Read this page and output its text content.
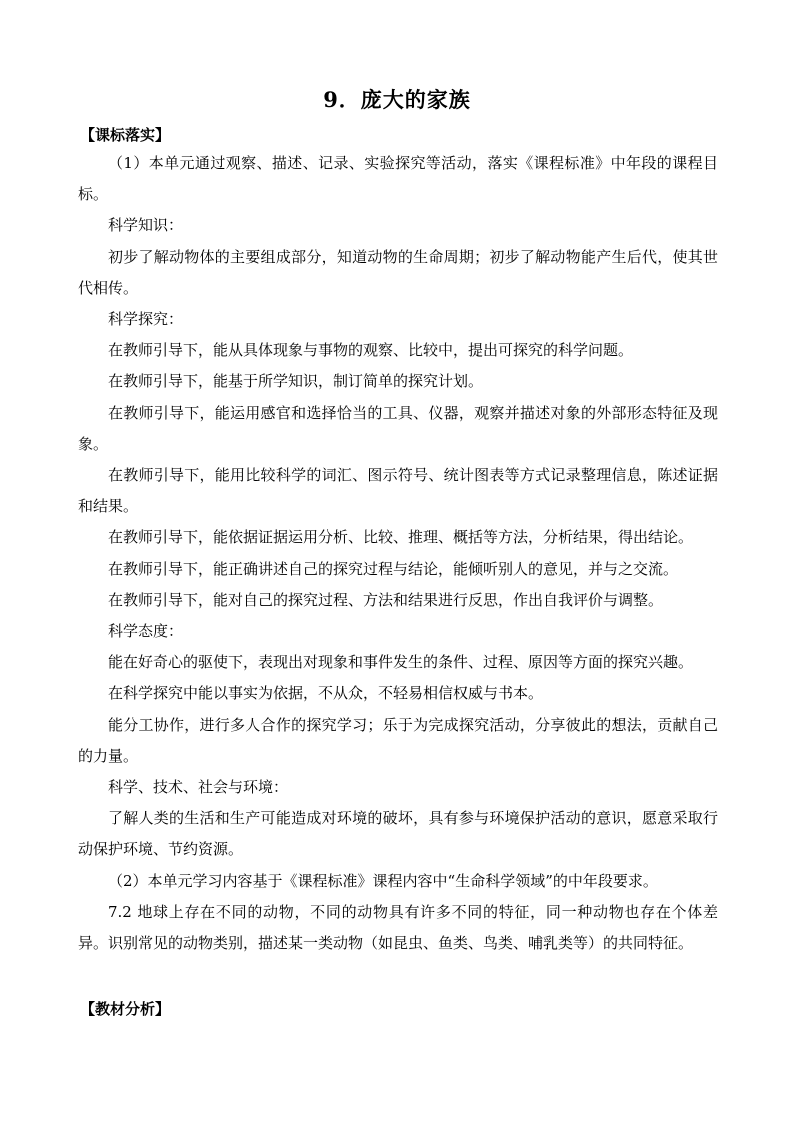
9．庞大的家族
【课标落实】

（1）本单元通过观察、描述、记录、实验探究等活动，落实《课程标准》中年段的课程目标。

科学知识：

初步了解动物体的主要组成部分，知道动物的生命周期；初步了解动物能产生后代，使其世代相传。

科学探究：

在教师引导下，能从具体现象与事物的观察、比较中，提出可探究的科学问题。

在教师引导下，能基于所学知识，制订简单的探究计划。

在教师引导下，能运用感官和选择恰当的工具、仪器，观察并描述对象的外部形态特征及现象。

在教师引导下，能用比较科学的词汇、图示符号、统计图表等方式记录整理信息，陈述证据和结果。

在教师引导下，能依据证据运用分析、比较、推理、概括等方法，分析结果，得出结论。

在教师引导下，能正确讲述自己的探究过程与结论，能倾听别人的意见，并与之交流。

在教师引导下，能对自己的探究过程、方法和结果进行反思，作出自我评价与调整。

科学态度：

能在好奇心的驱使下，表现出对现象和事件发生的条件、过程、原因等方面的探究兴趣。

在科学探究中能以事实为依据，不从众，不轻易相信权威与书本。

能分工协作，进行多人合作的探究学习；乐于为完成探究活动，分享彼此的想法，贡献自己的力量。

科学、技术、社会与环境：

了解人类的生活和生产可能造成对环境的破坏，具有参与环境保护活动的意识，愿意采取行动保护环境、节约资源。

（2）本单元学习内容基于《课程标准》课程内容中“生命科学领域”的中年段要求。

7.2 地球上存在不同的动物，不同的动物具有许多不同的特征，同一种动物也存在个体差异。识别常见的动物类别，描述某一类动物（如昆虫、鱼类、鸟类、哺乳类等）的共同特征。

【教材分析】
